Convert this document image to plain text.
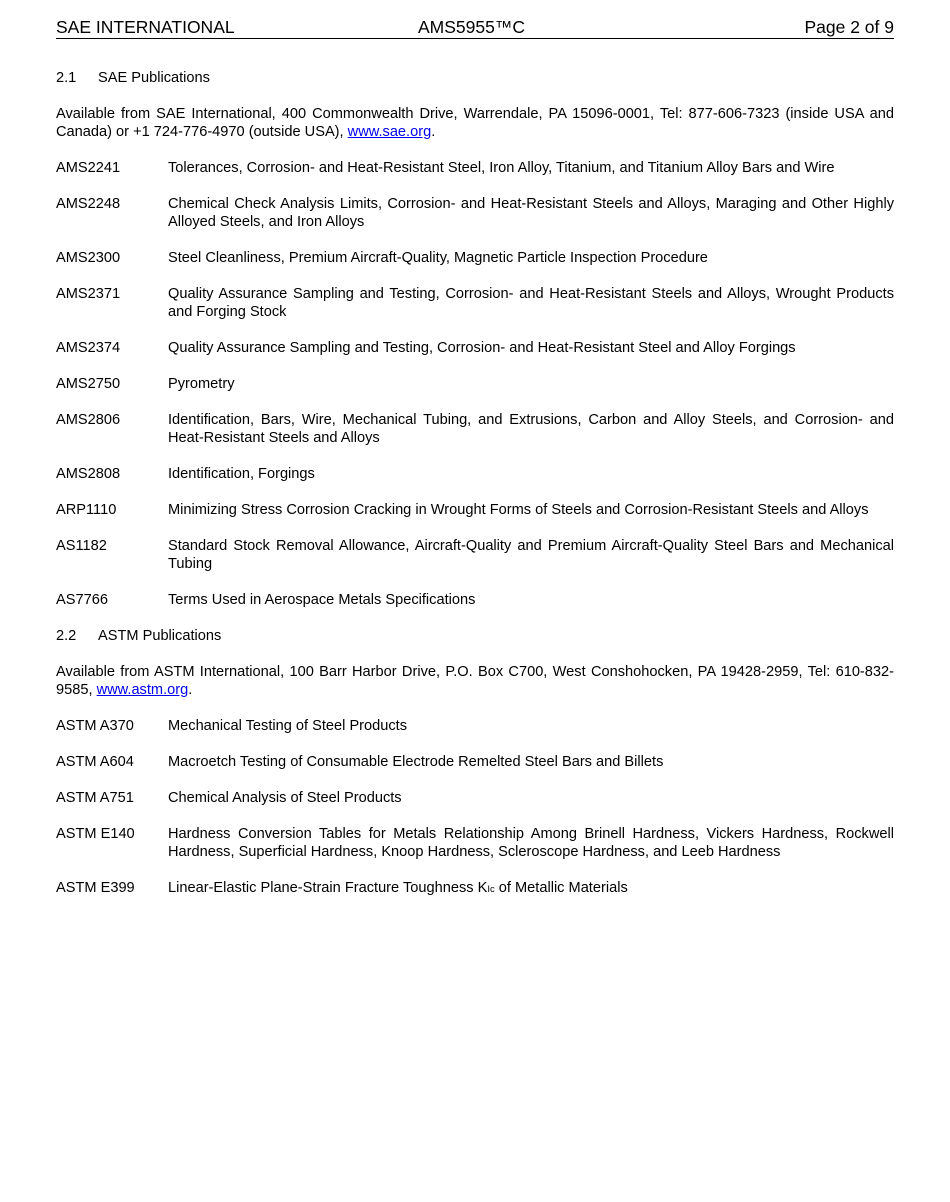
SAE INTERNATIONAL	AMS5955™C	Page 2 of 9
2.1 SAE Publications

Available from SAE International, 400 Commonwealth Drive, Warrendale, PA 15096-0001, Tel: 877-606-7323 (inside USA and Canada) or +1 724-776-4970 (outside USA), www.sae.org.

AMS2241	Tolerances, Corrosion- and Heat-Resistant Steel, Iron Alloy, Titanium, and Titanium Alloy Bars and Wire
AMS2248	Chemical Check Analysis Limits, Corrosion- and Heat-Resistant Steels and Alloys, Maraging and Other Highly Alloyed Steels, and Iron Alloys
AMS2300	Steel Cleanliness, Premium Aircraft-Quality, Magnetic Particle Inspection Procedure
AMS2371	Quality Assurance Sampling and Testing, Corrosion- and Heat-Resistant Steels and Alloys, Wrought Products and Forging Stock
AMS2374	Quality Assurance Sampling and Testing, Corrosion- and Heat-Resistant Steel and Alloy Forgings
AMS2750	Pyrometry
AMS2806	Identification, Bars, Wire, Mechanical Tubing, and Extrusions, Carbon and Alloy Steels, and Corrosion- and Heat-Resistant Steels and Alloys
AMS2808	Identification, Forgings
ARP1110	Minimizing Stress Corrosion Cracking in Wrought Forms of Steels and Corrosion-Resistant Steels and Alloys
AS1182	Standard Stock Removal Allowance, Aircraft-Quality and Premium Aircraft-Quality Steel Bars and Mechanical Tubing
AS7766	Terms Used in Aerospace Metals Specifications
2.2 ASTM Publications

Available from ASTM International, 100 Barr Harbor Drive, P.O. Box C700, West Conshohocken, PA 19428-2959, Tel: 610-832-9585, www.astm.org.

ASTM A370	Mechanical Testing of Steel Products
ASTM A604	Macroetch Testing of Consumable Electrode Remelted Steel Bars and Billets
ASTM A751	Chemical Analysis of Steel Products
ASTM E140	Hardness Conversion Tables for Metals Relationship Among Brinell Hardness, Vickers Hardness, Rockwell Hardness, Superficial Hardness, Knoop Hardness, Scleroscope Hardness, and Leeb Hardness
ASTM E399	Linear-Elastic Plane-Strain Fracture Toughness KIc of Metallic Materials
